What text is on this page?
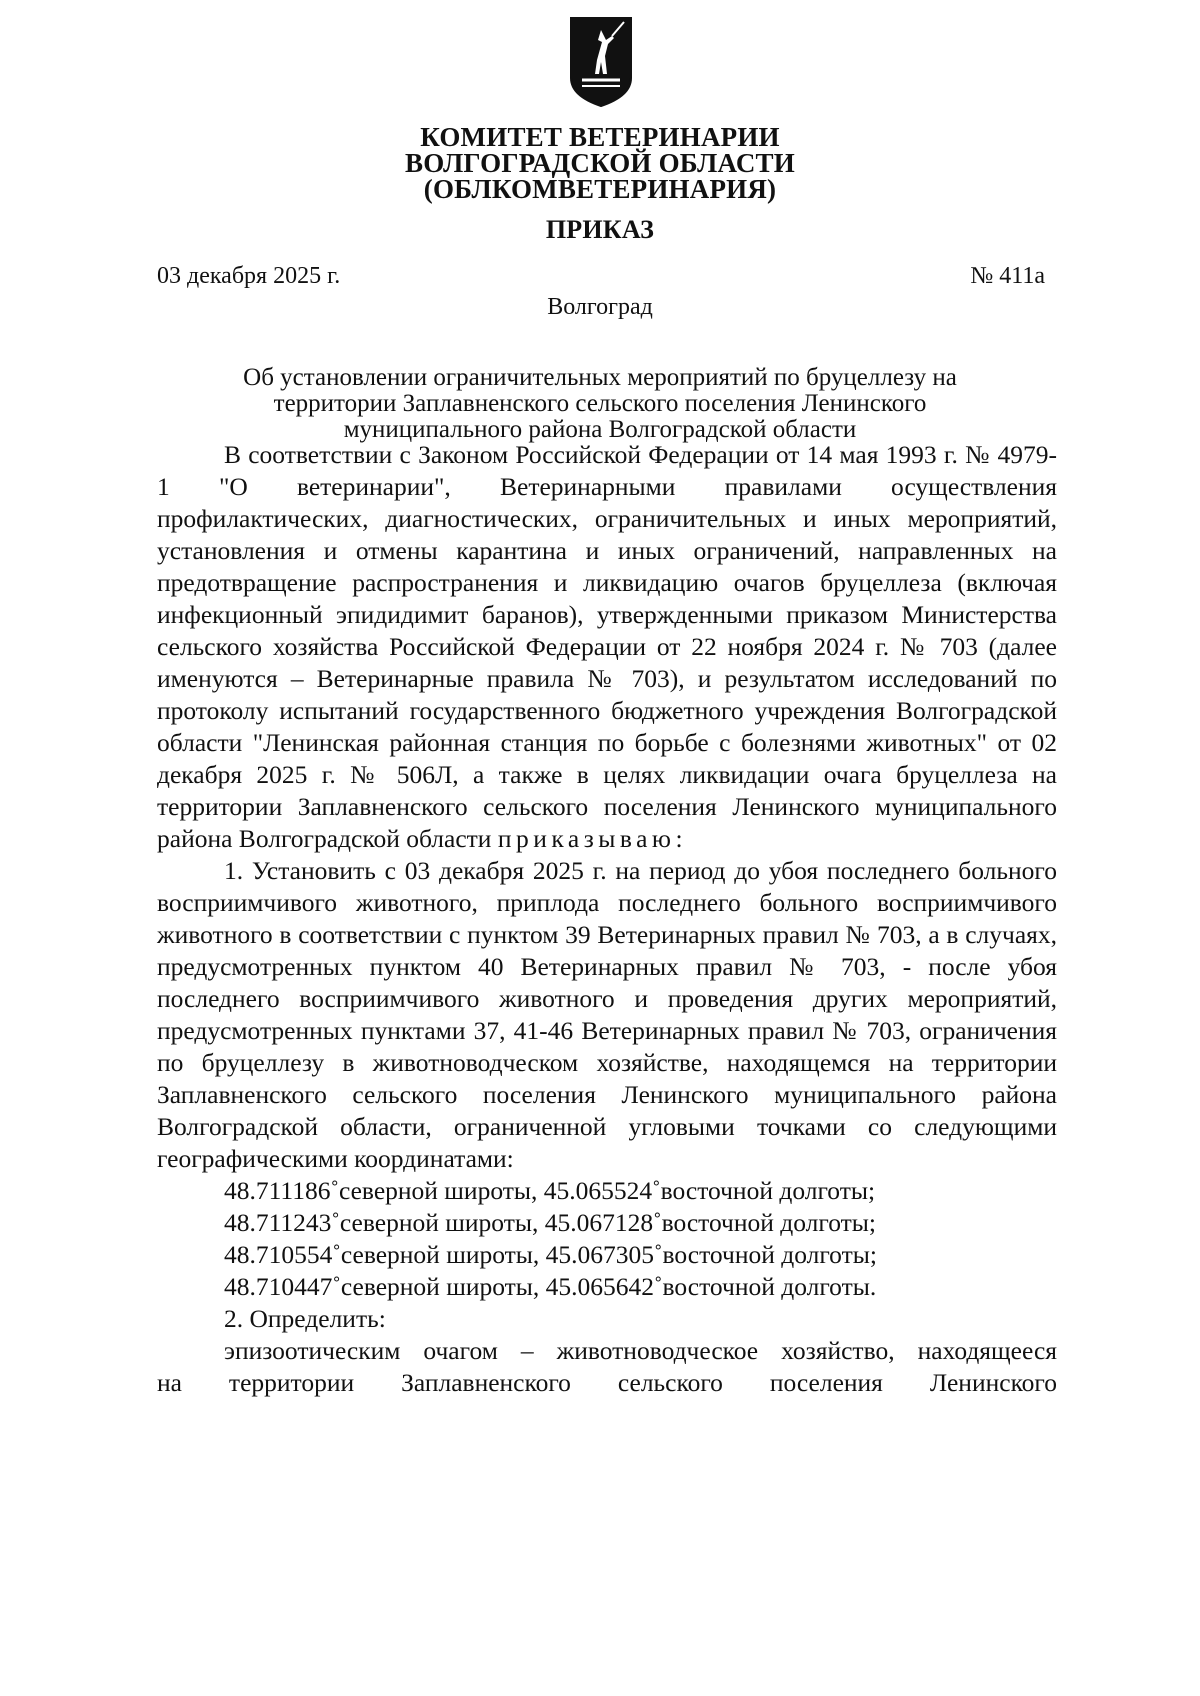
КОМИТЕТ ВЕТЕРИНАРИИ
ВОЛГОГРАДСКОЙ ОБЛАСТИ
(ОБЛКОМВЕТЕРИНАРИЯ)
ПРИКАЗ
03 декабря 2025 г.	№ 411а
Волгоград
Об установлении ограничительных мероприятий по бруцеллезу на
территории Заплавненского сельского поселения Ленинского
муниципального района Волгоградской области

В соответствии с Законом Российской Федерации от 14 мая 1993 г. № 4979-1 "О ветеринарии", Ветеринарными правилами осуществления профилактических, диагностических, ограничительных и иных мероприятий, установления и отмены карантина и иных ограничений, направленных на предотвращение распространения и ликвидацию очагов бруцеллеза (включая инфекционный эпидидимит баранов), утвержденными приказом Министерства сельского хозяйства Российской Федерации от 22 ноября 2024 г. № 703 (далее именуются – Ветеринарные правила № 703), и результатом исследований по протоколу испытаний государственного бюджетного учреждения Волгоградской области "Ленинская районная станция по борьбе с болезнями животных" от 02 декабря 2025 г. № 506Л, а также в целях ликвидации очага бруцеллеза на территории Заплавненского сельского поселения Ленинского муниципального района Волгоградской области приказываю:

1. Установить с 03 декабря 2025 г. на период до убоя последнего больного восприимчивого животного, приплода последнего больного восприимчивого животного в соответствии с пунктом 39 Ветеринарных правил № 703, а в случаях, предусмотренных пунктом 40 Ветеринарных правил № 703, - после убоя последнего восприимчивого животного и проведения других мероприятий, предусмотренных пунктами 37, 41-46 Ветеринарных правил № 703, ограничения по бруцеллезу в животноводческом хозяйстве, находящемся на территории Заплавненского сельского поселения Ленинского муниципального района Волгоградской области, ограниченной угловыми точками со следующими географическими координатами:

48.711186˚северной широты, 45.065524˚восточной долготы;

48.711243˚северной широты, 45.067128˚восточной долготы;

48.710554˚северной широты, 45.067305˚восточной долготы;

48.710447˚северной широты, 45.065642˚восточной долготы.

2. Определить:

эпизоотическим очагом – животноводческое хозяйство, находящееся

на территории Заплавненского сельского поселения Ленинского
